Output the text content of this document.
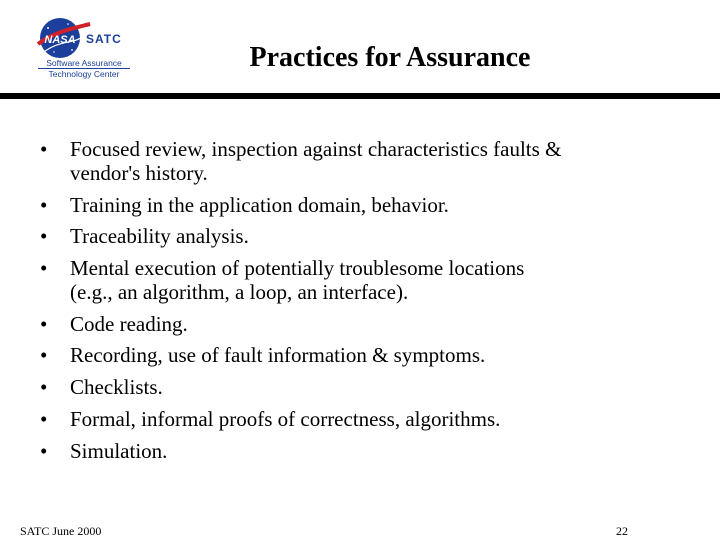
NASA SATC
Software Assurance
Technology Center
Practices for Assurance
• Focused review, inspection against characteristics faults &
vendor's history.
• Training in the application domain, behavior.
• Traceability analysis.
• Mental execution of potentially troublesome locations
(e.g., an algorithm, a loop, an interface).
• Code reading.
• Recording, use of fault information & symptoms.
• Checklists.
• Formal, informal proofs of correctness, algorithms.
• Simulation.
SATC June 2000	22
